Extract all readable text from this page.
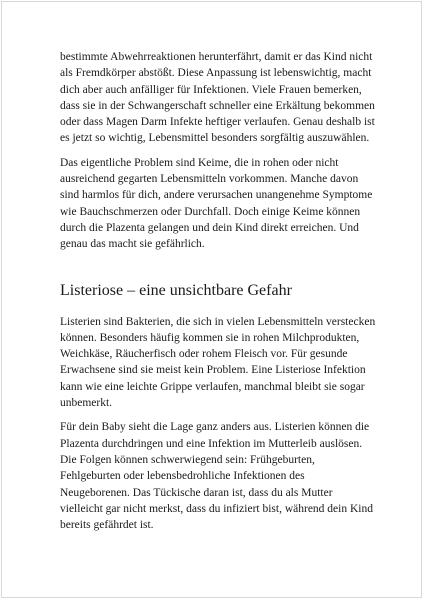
bestimmte Abwehrreaktionen herunterfährt, damit er das Kind nicht als Fremdkörper abstößt. Diese Anpassung ist lebenswichtig, macht dich aber auch anfälliger für Infektionen. Viele Frauen bemerken, dass sie in der Schwangerschaft schneller eine Erkältung bekommen oder dass Magen Darm Infekte heftiger verlaufen. Genau deshalb ist es jetzt so wichtig, Lebensmittel besonders sorgfältig auszuwählen.

Das eigentliche Problem sind Keime, die in rohen oder nicht ausreichend gegarten Lebensmitteln vorkommen. Manche davon sind harmlos für dich, andere verursachen unangenehme Symptome wie Bauchschmerzen oder Durchfall. Doch einige Keime können durch die Plazenta gelangen und dein Kind direkt erreichen. Und genau das macht sie gefährlich.

Listeriose – eine unsichtbare Gefahr

Listerien sind Bakterien, die sich in vielen Lebensmitteln verstecken können. Besonders häufig kommen sie in rohen Milchprodukten, Weichkäse, Räucherfisch oder rohem Fleisch vor. Für gesunde Erwachsene sind sie meist kein Problem. Eine Listeriose Infektion kann wie eine leichte Grippe verlaufen, manchmal bleibt sie sogar unbemerkt.

Für dein Baby sieht die Lage ganz anders aus. Listerien können die Plazenta durchdringen und eine Infektion im Mutterleib auslösen. Die Folgen können schwerwiegend sein: Frühgeburten, Fehlgeburten oder lebensbedrohliche Infektionen des Neugeborenen. Das Tückische daran ist, dass du als Mutter vielleicht gar nicht merkst, dass du infiziert bist, während dein Kind bereits gefährdet ist.
